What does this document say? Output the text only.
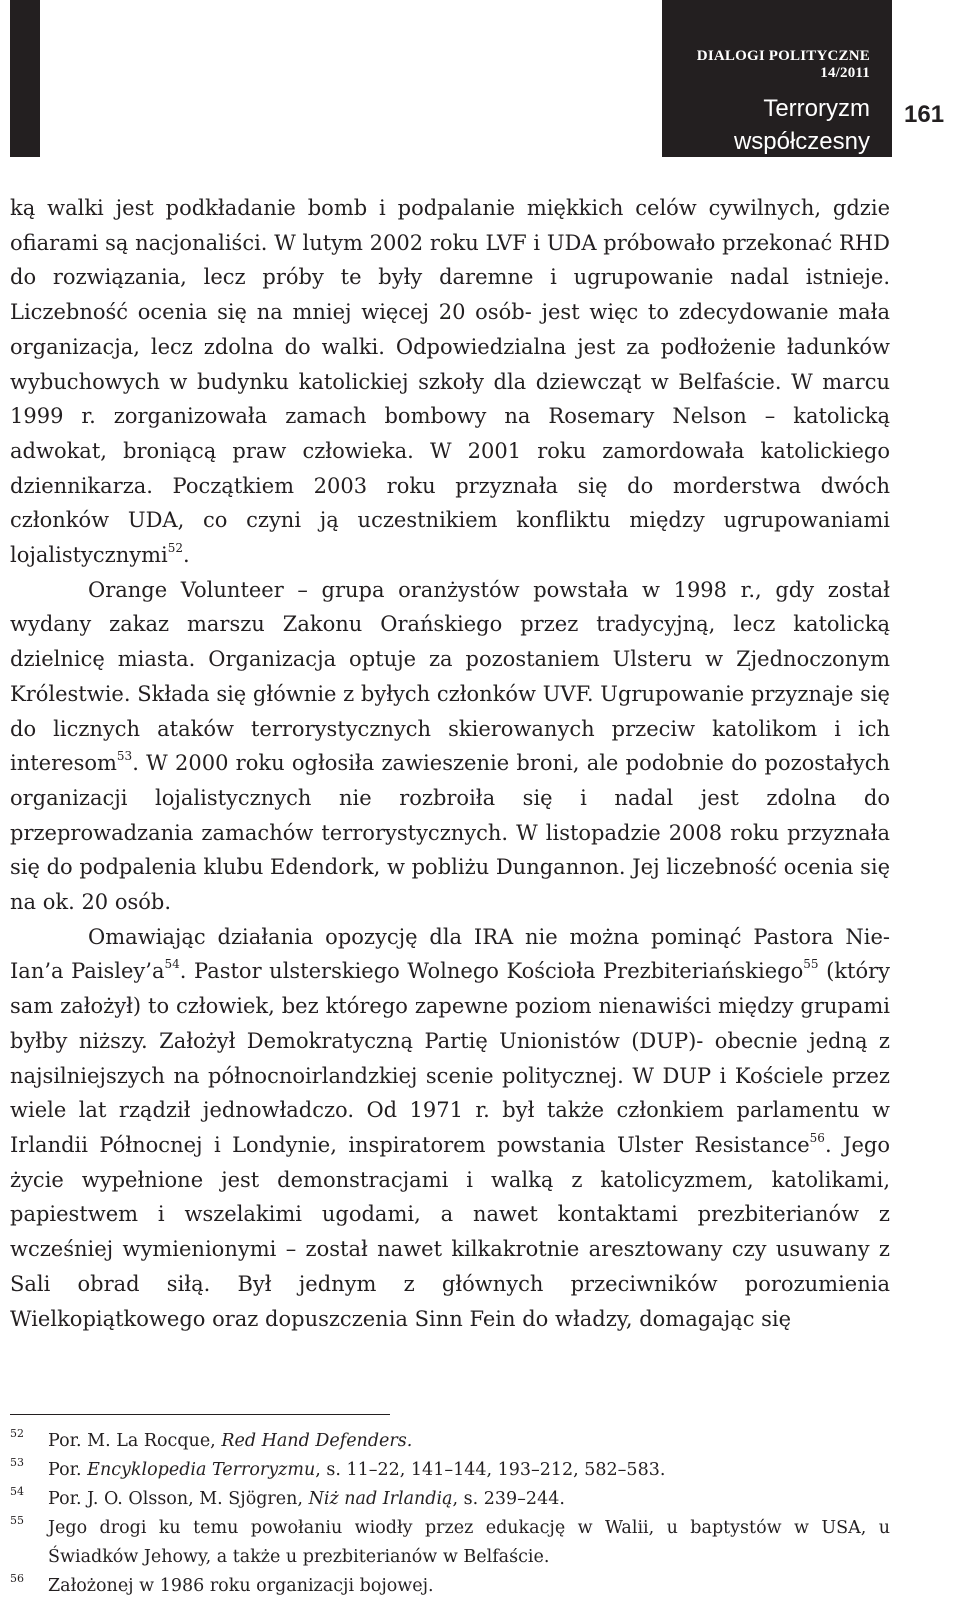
DIALOGI POLITYCZNE 14/2011
Terroryzm współczesny
161

ką walki jest podkładanie bomb i podpalanie miękkich celów cywilnych, gdzie ofiarami są nacjonaliści. W lutym 2002 roku LVF i UDA próbowało przekonać RHD do rozwiązania, lecz próby te były daremne i ugrupowanie nadal istnieje. Liczebność ocenia się na mniej więcej 20 osób- jest więc to zdecydowanie mała organizacja, lecz zdolna do walki. Odpowiedzialna jest za podłożenie ładunków wybuchowych w budynku katolickiej szkoły dla dziewcząt w Belfaście. W marcu 1999 r. zorganizowała zamach bombowy na Rosemary Nelson – katolicką adwokat, broniącą praw człowieka. W 2001 roku zamordowała katolickiego dziennikarza. Początkiem 2003 roku przyznała się do morderstwa dwóch członków UDA, co czyni ją uczestnikiem konfliktu między ugrupowaniami lojalistycznymi$^{52}$.

Orange Volunteer – grupa oranżystów powstała w 1998 r., gdy został wydany zakaz marszu Zakonu Orańskiego przez tradycyjną, lecz katolicką dzielnicę miasta. Organizacja optuje za pozostaniem Ulsteru w Zjednoczonym Królestwie. Składa się głównie z byłych członków UVF. Ugrupowanie przyznaje się do licznych ataków terrorystycznych skierowanych przeciw katolikom i ich interesom$^{53}$. W 2000 roku ogłosiła zawieszenie broni, ale podobnie do pozostałych organizacji lojalistycznych nie rozbroiła się i nadal jest zdolna do przeprowadzania zamachów terrorystycznych. W listopadzie 2008 roku przyznała się do podpalenia klubu Edendork, w pobliżu Dungannon. Jej liczebność ocenia się na ok. 20 osób.

Omawiając działania opozycję dla IRA nie można pominąć Pastora Nie- Ian’a Paisley’a$^{54}$. Pastor ulsterskiego Wolnego Kościoła Prezbiteriańskiego$^{55}$ (który sam założył) to człowiek, bez którego zapewne poziom nienawiści między grupami byłby niższy. Założył Demokratyczną Partię Unionistów (DUP)- obecnie jedną z najsilniejszych na północnoirlandzkiej scenie politycznej. W DUP i Kościele przez wiele lat rządził jednowładczo. Od 1971 r. był także członkiem parlamentu w Irlandii Północnej i Londynie, inspiratorem powstania Ulster Resistance$^{56}$. Jego życie wypełnione jest demonstracjami i walką z katolicyzmem, katolikami, papiestwem i wszelakimi ugodami, a nawet kontaktami prezbiterianów z wcześniej wymienionymi – został nawet kilkakrotnie aresztowany czy usuwany z Sali obrad siłą. Był jednym z głównych przeciwników porozumienia Wielkopiątkowego oraz dopuszczenia Sinn Fein do władzy, domagając się

52 Por. M. La Rocque, Red Hand Defenders.
53 Por. Encyklopedia Terroryzmu, s. 11–22, 141–144, 193–212, 582–583.
54 Por. J. O. Olsson, M. Sjögren, Niż nad Irlandią, s. 239–244.
55 Jego drogi ku temu powołaniu wiodły przez edukację w Walii, u baptystów w USA, u Świadków Jehowy, a także u prezbiterianów w Belfaście.
56 Założonej w 1986 roku organizacji bojowej.
